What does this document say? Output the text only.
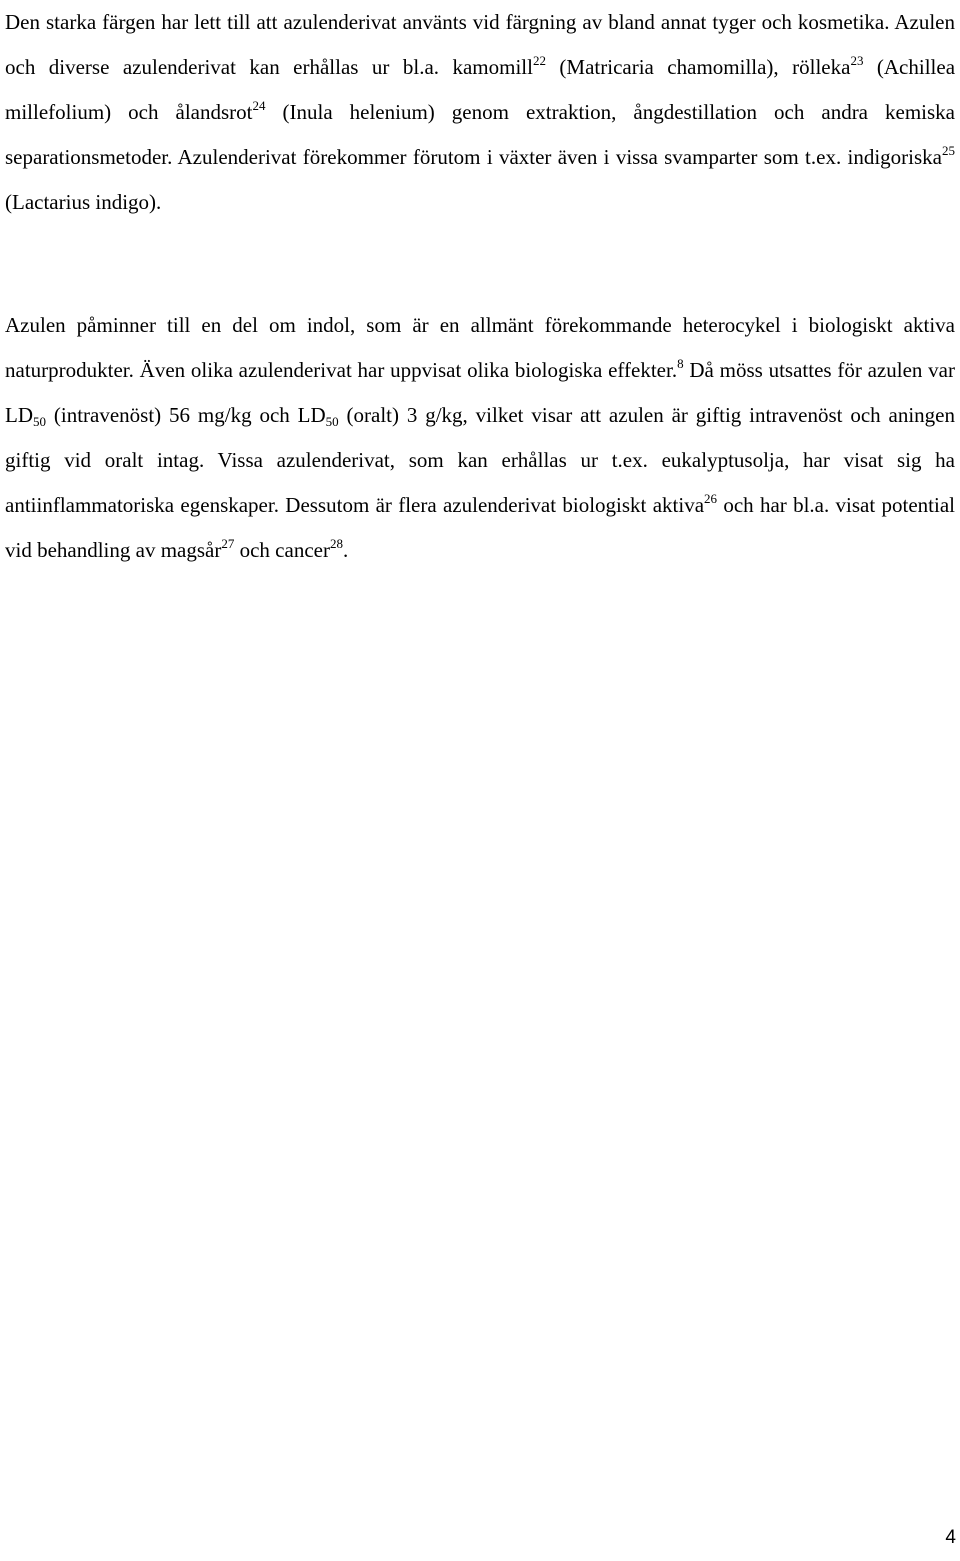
Den starka färgen har lett till att azulenderivat använts vid färgning av bland annat tyger och kosmetika. Azulen och diverse azulenderivat kan erhållas ur bl.a. kamomill$^{22}$ (Matricaria chamomilla), rölleka$^{23}$ (Achillea millefolium) och ålandsrot$^{24}$ (Inula helenium) genom extraktion, ångdestillation och andra kemiska separationsmetoder. Azulenderivat förekommer förutom i växter även i vissa svamparter som t.ex. indigoriska$^{25}$ (Lactarius indigo).

Azulen påminner till en del om indol, som är en allmänt förekommande heterocykel i biologiskt aktiva naturprodukter. Även olika azulenderivat har uppvisat olika biologiska effekter.$^8$ Då möss utsattes för azulen var $LD_{50}$ (intravenöst) 56 mg/kg och $LD_{50}$ (oralt) 3 g/kg, vilket visar att azulen är giftig intravenöst och aningen giftig vid oralt intag. Vissa azulenderivat, som kan erhållas ur t.ex. eukalyptusolja, har visat sig ha antiinflammatoriska egenskaper. Dessutom är flera azulenderivat biologiskt aktiva$^{26}$ och har bl.a. visat potential vid behandling av magsår$^{27}$ och cancer$^{28}$.

4
